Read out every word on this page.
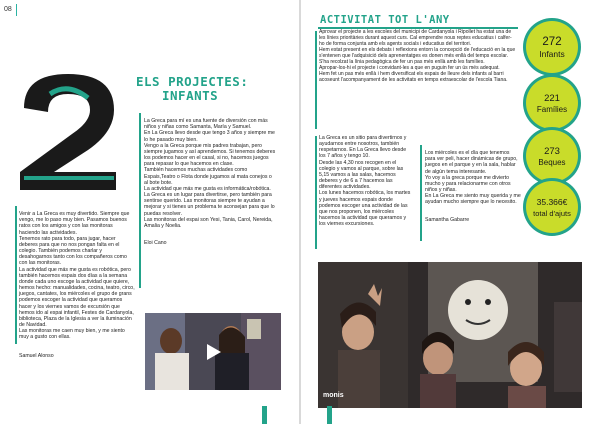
08
ELS PROJECTES:
INFANTS

Venir a La Greca es muy divertido. Siempre que vengo, me lo paso muy bien. Pasamos buenos ratos con los amigos y con las monitoras haciendo las actividades.
Tenemos rato para todo, para jugar, hacer deberes para que no nos pongan falta en el colegio. También podemos charlar y desahogarnos tanto con los compañeros como con las monitoras.
La actividad que más me gusta es robótica, pero también hacemos espais dos días a la semana donde cada uno escoge la actividad que quiere, hemos hecho: manualidades, cocina, teatro, circo, juegos, cantates, los miércoles el grupo de grans podemos escoger la actividad que queramos hacer y los viernes vamos de excursión que hemos ido al espai infantil, Festes de Cardanyola, biblioteca, Plaza de la Iglesia a ver la iluminación de Navidad.
Las monitoras me caen muy bien, y me siento muy a gusto con ellas.

Samuel Alonso

La Greca para mí es una fuente de diversión con más niños y niñas como Samanta, María y Samuel.
En La Greca llevo desde que tengo 3 años y siempre me lo he pasado muy bien.
Vengo a la Greca porque mis padres trabajan, pero siempre jugamos y así aprendemos. Si tenemos deberes los podemos hacer en el casal, si no, hacemos juegos para repasar lo que hacemos en clase.
También hacemos muchas actividades como Espais,Teatro o Flota donde jugamos al mata conejos o al bote bote.
La actividad que más me gusta es informática/robótica.
La Greca es un lugar para divertirse, pero también para sentirse querido. Las monitoras siempre te ayudan a mejorar y si tienes un problema te aconsejan para que lo puedas resolver.
Las monitoras del espai son Yesi, Tania, Carol, Nereida, Amalia y Noelia.

Eloi Cano

ACTIVITAT TOT L'ANY
Aprovar el projecte a les escoles del municipi de Cardanyola i Ripollet ha estat una de les línies prioritàries durant aquest curs. Cal emprendre nous reptes educatius i calfer-ho de forma conjunta amb els agents socials i educatius del territori.
Hem estat present en els debats i reflexions entorn la concepció de l'educació en la que s'entenen que l'adquisició dels aprenentatges es donen més enllà del temps escolar.
S'ha recolzat la línia pedagògica de fer un pas més enllà amb les famílies.
Apropar-los-hi el projecte i convidant-les a que en puguin fer un ús més adequat.
Hem fet un pas més enllà i hem diversificat els espais de lleure dels infants al barri acoseunt l'acompanyament de les activitats en temps extraescolar de l'escola Tiana.
La Greca es un sitio para divertirnos y ayudarnos entre nosotros, también respetarnos. En La Greca llevo desde los 7 años y tengo 10.
Desde las 4,30 nos recogen en el colegio y vamos al parque, sobre las 5,15 vamos a las salas, hacemos deberes y de 6 a 7 hacemos las diferentes actividades.
Los lunes hacemos robótica, los martes y jueves hacemos espais donde podemos escoger una actividad de las que nos proponen, los miércoles hacemos la actividad que queramos y los viernes excursiones.

Los miércoles es el día que tenemos para ver peli, hacer dinámicas de grupo, juegos en el parque y en la sala, hablar de algún tema interesante.
Yo voy a la greca porque me divierto mucho y para relacionarme con otros niños y niñas.
En La Greca me siento muy querida y me ayudan mucho siempre que lo necesito.

Samantha Gabarre

272
Infants
221
Famílies
273
Beques
35.366€
total d'ajuts
monis
